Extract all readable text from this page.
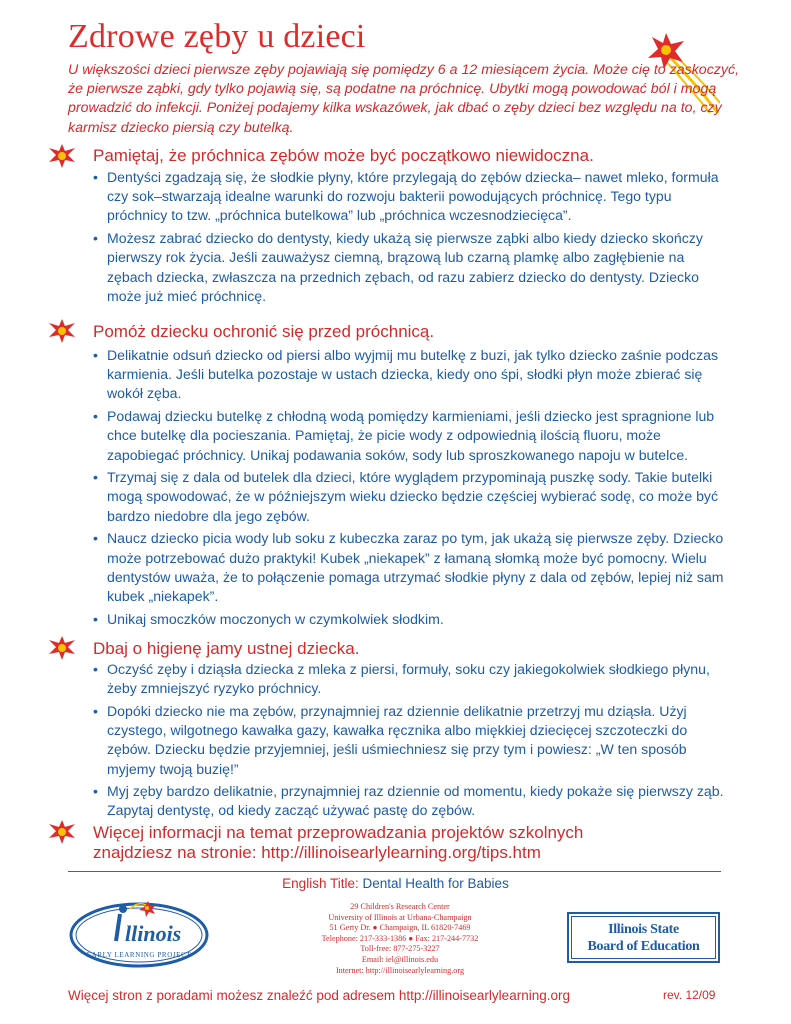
Zdrowe zęby u dzieci
U większości dzieci pierwsze zęby pojawiają się pomiędzy 6 a 12 miesiącem życia. Może cię to zaskoczyć, że pierwsze ząbki, gdy tylko pojawią się, są podatne na próchnicę. Ubytki mogą powodować ból i mogą prowadzić do infekcji. Poniżej podajemy kilka wskazówek, jak dbać o zęby dzieci bez względu na to, czy karmisz dziecko piersią czy butelką.
Pamiętaj, że próchnica zębów może być początkowo niewidoczna.
• Dentyści zgadzają się, że słodkie płyny, które przylegają do zębów dziecka– nawet mleko, formuła czy sok–stwarzają idealne warunki do rozwoju bakterii powodujących próchnicę. Tego typu próchnicy to tzw. „próchnica butelkowa” lub „próchnica wczesnodziecięca”.
• Możesz zabrać dziecko do dentysty, kiedy ukażą się pierwsze ząbki albo kiedy dziecko skończy pierwszy rok życia. Jeśli zauważysz ciemną, brązową lub czarną plamkę albo zagłębienie na zębach dziecka, zwłaszcza na przednich zębach, od razu zabierz dziecko do dentysty. Dziecko może już mieć próchnicę.
Pomóż dziecku ochronić się przed próchnicą.
• Delikatnie odsuń dziecko od piersi albo wyjmij mu butelkę z buzi, jak tylko dziecko zaśnie podczas karmienia. Jeśli butelka pozostaje w ustach dziecka, kiedy ono śpi, słodki płyn może zbierać się wokół zęba.
• Podawaj dziecku butelkę z chłodną wodą pomiędzy karmieniami, jeśli dziecko jest spragnione lub chce butelkę dla pocieszania. Pamiętaj, że picie wody z odpowiednią ilością fluoru, może zapobiegać próchnicy. Unikaj podawania soków, sody lub sproszkowanego napoju w butelce.
• Trzymaj się z dala od butelek dla dzieci, które wyglądem przypominają puszkę sody. Takie butelki mogą spowodować, że w późniejszym wieku dziecko będzie częściej wybierać sodę, co może być bardzo niedobre dla jego zębów.
• Naucz dziecko picia wody lub soku z kubeczka zaraz po tym, jak ukażą się pierwsze zęby. Dziecko może potrzebować dużo praktyki! Kubek „niekapek” z łamaną słomką może być pomocny. Wielu dentystów uważa, że to połączenie pomaga utrzymać słodkie płyny z dala od zębów, lepiej niż sam kubek „niekapek”.
• Unikaj smoczków moczonych w czymkolwiek słodkim.
Dbaj o higienę jamy ustnej dziecka.
• Oczyść zęby i dziąsła dziecka z mleka z piersi, formuły, soku czy jakiegokolwiek słodkiego płynu, żeby zmniejszyć ryzyko próchnicy.
• Dopóki dziecko nie ma zębów, przynajmniej raz dziennie delikatnie przetrzyj mu dziąsła. Użyj czystego, wilgotnego kawałka gazy, kawałka ręcznika albo miękkiej dziecięcej szczoteczki do zębów. Dziecku będzie przyjemniej, jeśli uśmiechniesz się przy tym i powiesz: „W ten sposób myjemy twoją buzię!”
• Myj zęby bardzo delikatnie, przynajmniej raz dziennie od momentu, kiedy pokaże się pierwszy ząb. Zapytaj dentystę, od kiedy zacząć używać pastę do zębów.
Więcej informacji na temat przeprowadzania projektów szkolnych
znajdziesz na stronie: http://illinoisearlylearning.org/tips.htm
English Title: Dental Health for Babies
llinois
EARLY LEARNING PROJECT
29 Children's Research Center
University of Illinois at Urbana-Champaign
51 Gerty Dr. ● Champaign, IL 61820-7469
Telephone: 217-333-1386 ● Fax: 217-244-7732
Toll-free: 877-275-3227
Email: iel@illinois.edu
Internet: http://illinoisearlylearning.org
Illinois State
Board of Education
Więcej stron z poradami możesz znaleźć pod adresem http://illinoisearlylearning.org	rev. 12/09
